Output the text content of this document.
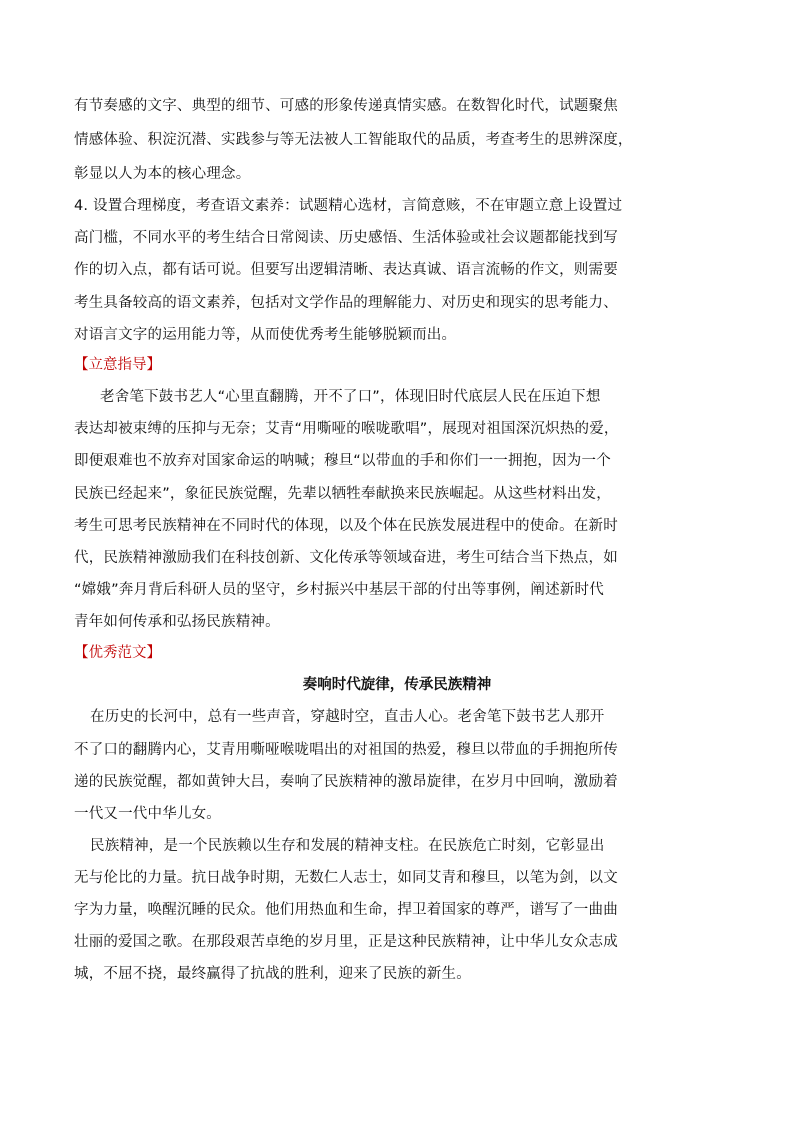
有节奏感的文字、典型的细节、可感的形象传递真情实感。在数智化时代，试题聚焦

情感体验、积淀沉潜、实践参与等无法被人工智能取代的品质，考查考生的思辨深度，

彰显以人为本的核心理念。

4. 设置合理梯度，考查语文素养：试题精心选材，言简意赅，不在审题立意上设置过

高门槛，不同水平的考生结合日常阅读、历史感悟、生活体验或社会议题都能找到写

作的切入点，都有话可说。但要写出逻辑清晰、表达真诚、语言流畅的作文，则需要

考生具备较高的语文素养，包括对文学作品的理解能力、对历史和现实的思考能力、

对语言文字的运用能力等，从而使优秀考生能够脱颖而出。

【立意指导】

老舍笔下鼓书艺人“心里直翻腾，开不了口”，体现旧时代底层人民在压迫下想

表达却被束缚的压抑与无奈；艾青“用嘶哑的喉咙歌唱”，展现对祖国深沉炽热的爱，

即便艰难也不放弃对国家命运的呐喊；穆旦“以带血的手和你们一一拥抱，因为一个

民族已经起来”，象征民族觉醒，先辈以牺牲奉献换来民族崛起。从这些材料出发，

考生可思考民族精神在不同时代的体现，以及个体在民族发展进程中的使命。在新时

代，民族精神激励我们在科技创新、文化传承等领域奋进，考生可结合当下热点，如

“嫦娥”奔月背后科研人员的坚守，乡村振兴中基层干部的付出等事例，阐述新时代

青年如何传承和弘扬民族精神。

【优秀范文】

奏响时代旋律，传承民族精神

在历史的长河中，总有一些声音，穿越时空，直击人心。老舍笔下鼓书艺人那开

不了口的翻腾内心，艾青用嘶哑喉咙唱出的对祖国的热爱，穆旦以带血的手拥抱所传

递的民族觉醒，都如黄钟大吕，奏响了民族精神的激昂旋律，在岁月中回响，激励着

一代又一代中华儿女。

民族精神，是一个民族赖以生存和发展的精神支柱。在民族危亡时刻，它彰显出

无与伦比的力量。抗日战争时期，无数仁人志士，如同艾青和穆旦，以笔为剑，以文

字为力量，唤醒沉睡的民众。他们用热血和生命，捍卫着国家的尊严，谱写了一曲曲

壮丽的爱国之歌。在那段艰苦卓绝的岁月里，正是这种民族精神，让中华儿女众志成

城，不屈不挠，最终赢得了抗战的胜利，迎来了民族的新生。
